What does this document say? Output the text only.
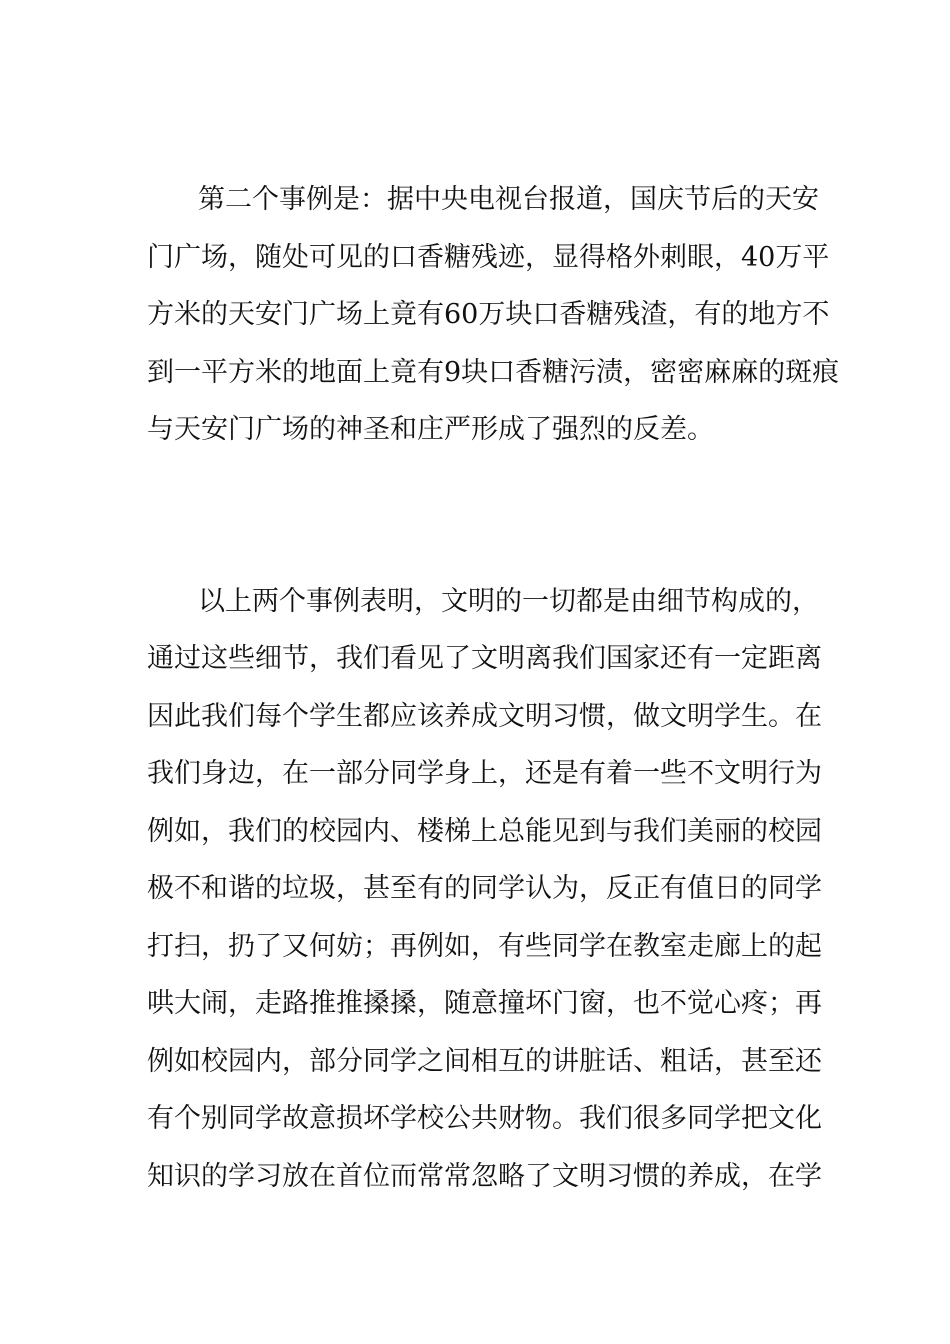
第二个事例是：据中央电视台报道，国庆节后的天安
门广场，随处可见的口香糖残迹，显得格外刺眼，40万平
方米的天安门广场上竟有60万块口香糖残渣，有的地方不
到一平方米的地面上竟有9块口香糖污渍，密密麻麻的斑痕
与天安门广场的神圣和庄严形成了强烈的反差。
以上两个事例表明，文明的一切都是由细节构成的，
通过这些细节，我们看见了文明离我们国家还有一定距离
因此我们每个学生都应该养成文明习惯，做文明学生。在
我们身边，在一部分同学身上，还是有着一些不文明行为
例如，我们的校园内、楼梯上总能见到与我们美丽的校园
极不和谐的垃圾，甚至有的同学认为，反正有值日的同学
打扫，扔了又何妨；再例如，有些同学在教室走廊上的起
哄大闹，走路推推搡搡，随意撞坏门窗，也不觉心疼；再
例如校园内，部分同学之间相互的讲脏话、粗话，甚至还
有个别同学故意损坏学校公共财物。我们很多同学把文化
知识的学习放在首位而常常忽略了文明习惯的养成，在学
